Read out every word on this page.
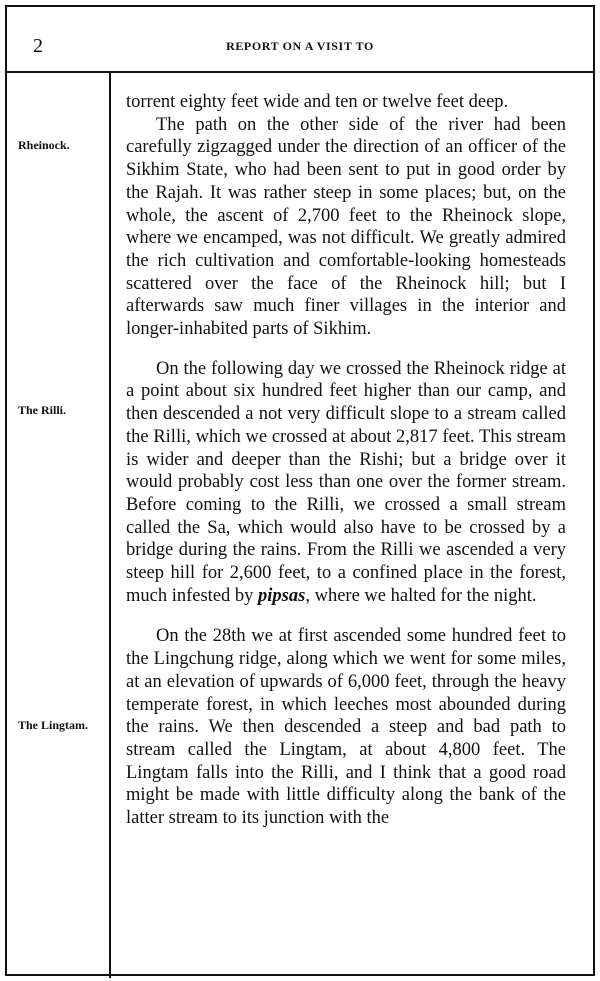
2	REPORT ON A VISIT TO
Rheinock.
The Rilli.
The Lingtam.

torrent eighty feet wide and ten or twelve feet deep.

The path on the other side of the river had been carefully zigzagged under the direction of an officer of the Sikhim State, who had been sent to put in good order by the Rajah. It was rather steep in some places; but, on the whole, the ascent of 2,700 feet to the Rheinock slope, where we encamped, was not difficult. We greatly admired the rich cultivation and comfortable-looking homesteads scattered over the face of the Rheinock hill; but I afterwards saw much finer villages in the interior and longer-inhabited parts of Sikhim.

On the following day we crossed the Rheinock ridge at a point about six hundred feet higher than our camp, and then descended a not very difficult slope to a stream called the Rilli, which we crossed at about 2,817 feet. This stream is wider and deeper than the Rishi; but a bridge over it would probably cost less than one over the former stream. Before coming to the Rilli, we crossed a small stream called the Sa, which would also have to be crossed by a bridge during the rains. From the Rilli we ascended a very steep hill for 2,600 feet, to a confined place in the forest, much infested by pipsas, where we halted for the night.

On the 28th we at first ascended some hundred feet to the Lingchung ridge, along which we went for some miles, at an elevation of upwards of 6,000 feet, through the heavy temperate forest, in which leeches most abounded during the rains. We then descended a steep and bad path to stream called the Lingtam, at about 4,800 feet. The Lingtam falls into the Rilli, and I think that a good road might be made with little difficulty along the bank of the latter stream to its junction with the
